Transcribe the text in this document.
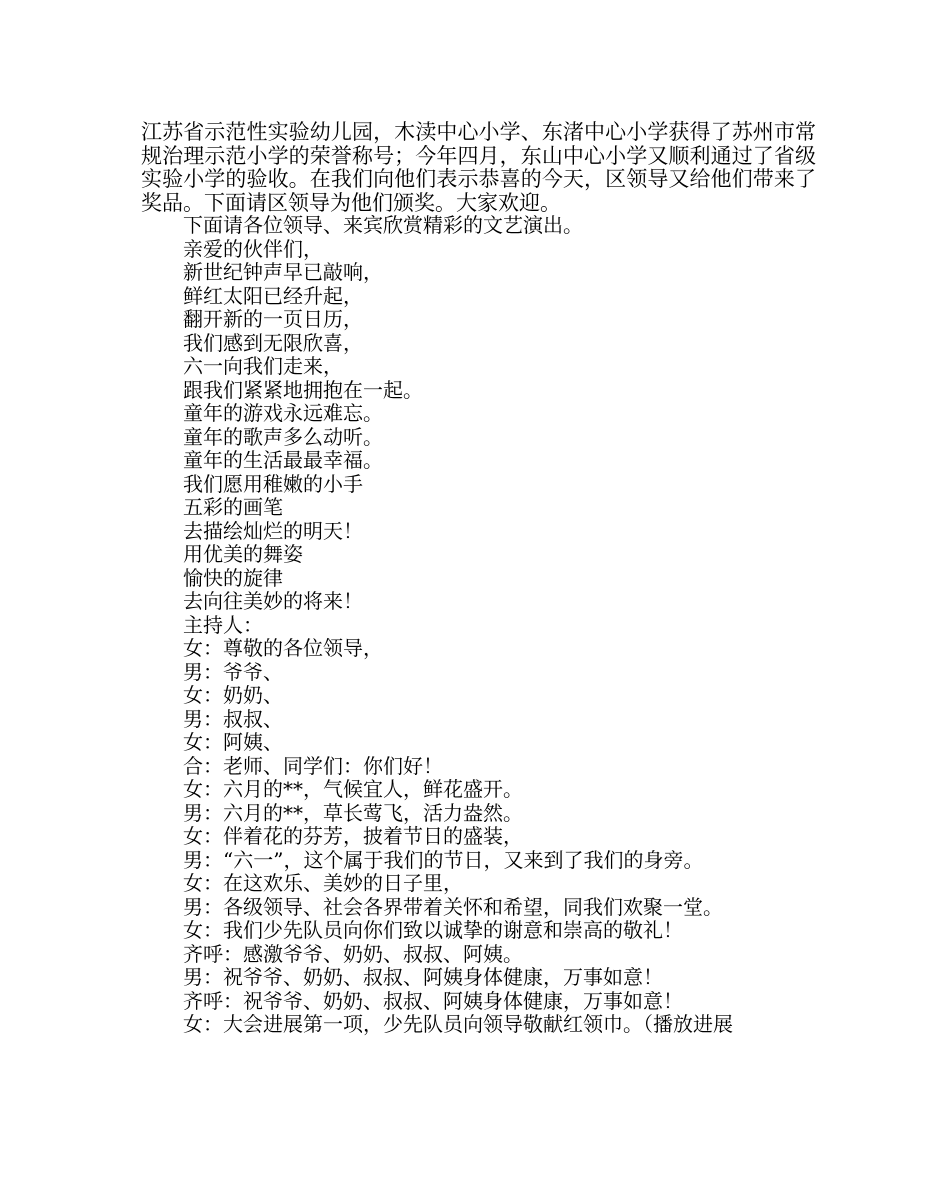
江苏省示范性实验幼儿园，木渎中心小学、东渚中心小学获得了苏州市常规治理示范小学的荣誉称号；今年四月，东山中心小学又顺利通过了省级实验小学的验收。在我们向他们表示恭喜的今天，区领导又给他们带来了奖品。下面请区领导为他们颁奖。大家欢迎。

下面请各位领导、来宾欣赏精彩的文艺演出。
亲爱的伙伴们，
新世纪钟声早已敲响，
鲜红太阳已经升起，
翻开新的一页日历，
我们感到无限欣喜，
六一向我们走来，
跟我们紧紧地拥抱在一起。
童年的游戏永远难忘。
童年的歌声多么动听。
童年的生活最最幸福。
我们愿用稚嫩的小手
五彩的画笔
去描绘灿烂的明天！
用优美的舞姿
愉快的旋律
去向往美妙的将来！
主持人：
女：尊敬的各位领导，
男：爷爷、
女：奶奶、
男：叔叔、
女：阿姨、
合：老师、同学们：你们好！
女：六月的**，气候宜人，鲜花盛开。
男：六月的**，草长莺飞，活力盎然。
女：伴着花的芬芳，披着节日的盛装，
男：“六一”，这个属于我们的节日，又来到了我们的身旁。
女：在这欢乐、美妙的日子里，
男：各级领导、社会各界带着关怀和希望，同我们欢聚一堂。
女：我们少先队员向你们致以诚挚的谢意和崇高的敬礼！
齐呼：感激爷爷、奶奶、叔叔、阿姨。
男：祝爷爷、奶奶、叔叔、阿姨身体健康，万事如意！
齐呼：祝爷爷、奶奶、叔叔、阿姨身体健康，万事如意！
女：大会进展第一项，少先队员向领导敬献红领巾。（播放进展
